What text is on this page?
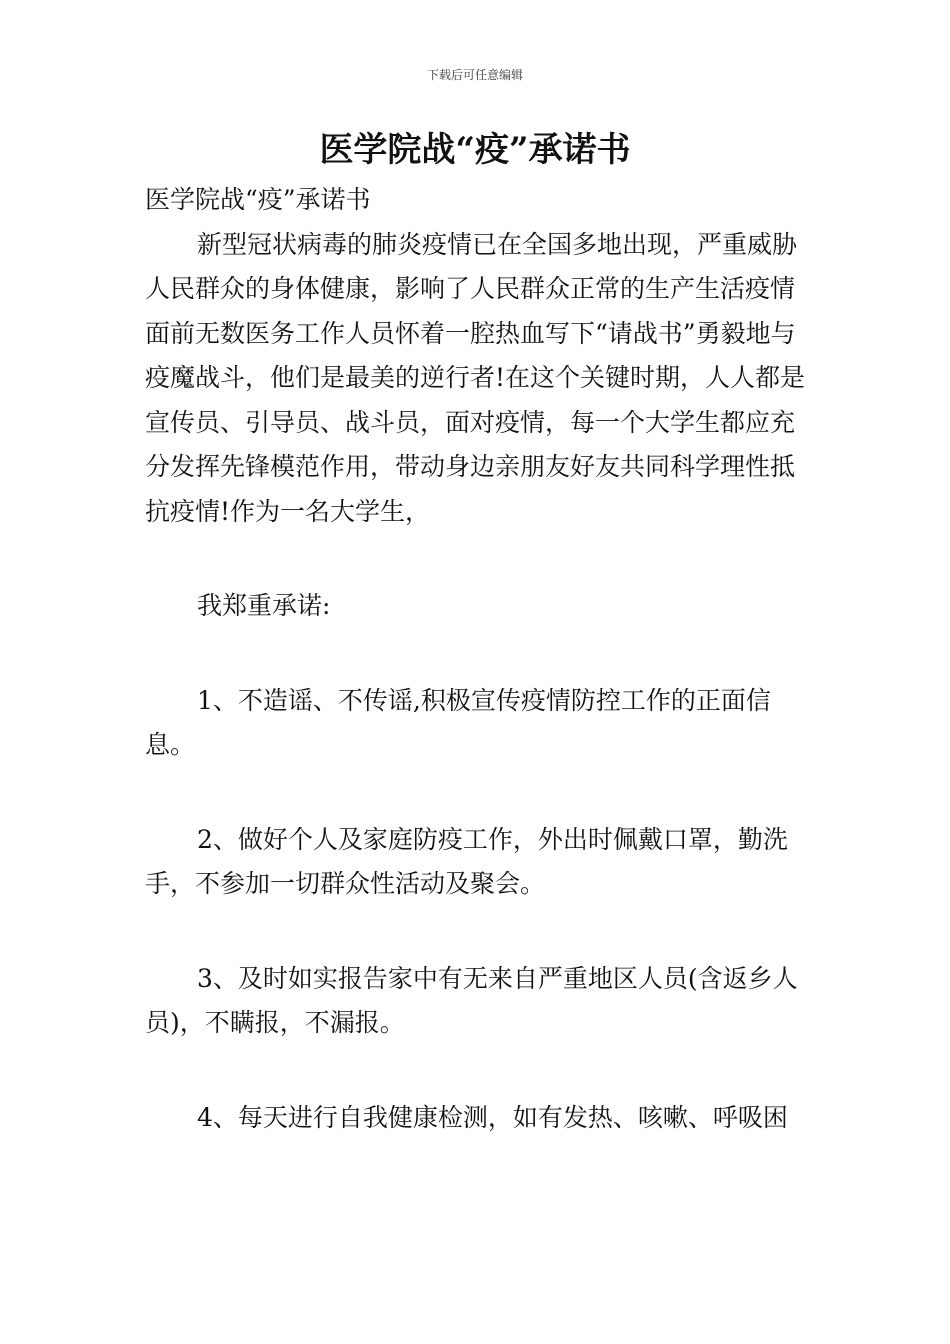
下载后可任意编辑
医学院战“疫”承诺书

医学院战“疫”承诺书

新型冠状病毒的肺炎疫情已在全国多地出现，严重威胁人民群众的身体健康，影响了人民群众正常的生产生活疫情面前无数医务工作人员怀着一腔热血写下“请战书”勇毅地与疫魔战斗，他们是最美的逆行者!在这个关键时期，人人都是宣传员、引导员、战斗员，面对疫情，每一个大学生都应充分发挥先锋模范作用，带动身边亲朋友好友共同科学理性抵抗疫情!作为一名大学生，

我郑重承诺:

1、不造谣、不传谣,积极宣传疫情防控工作的正面信息。

2、做好个人及家庭防疫工作，外出时佩戴口罩，勤洗手，不参加一切群众性活动及聚会。

3、及时如实报告家中有无来自严重地区人员(含返乡人员)，不瞒报，不漏报。

4、每天进行自我健康检测，如有发热、咳嗽、呼吸困
